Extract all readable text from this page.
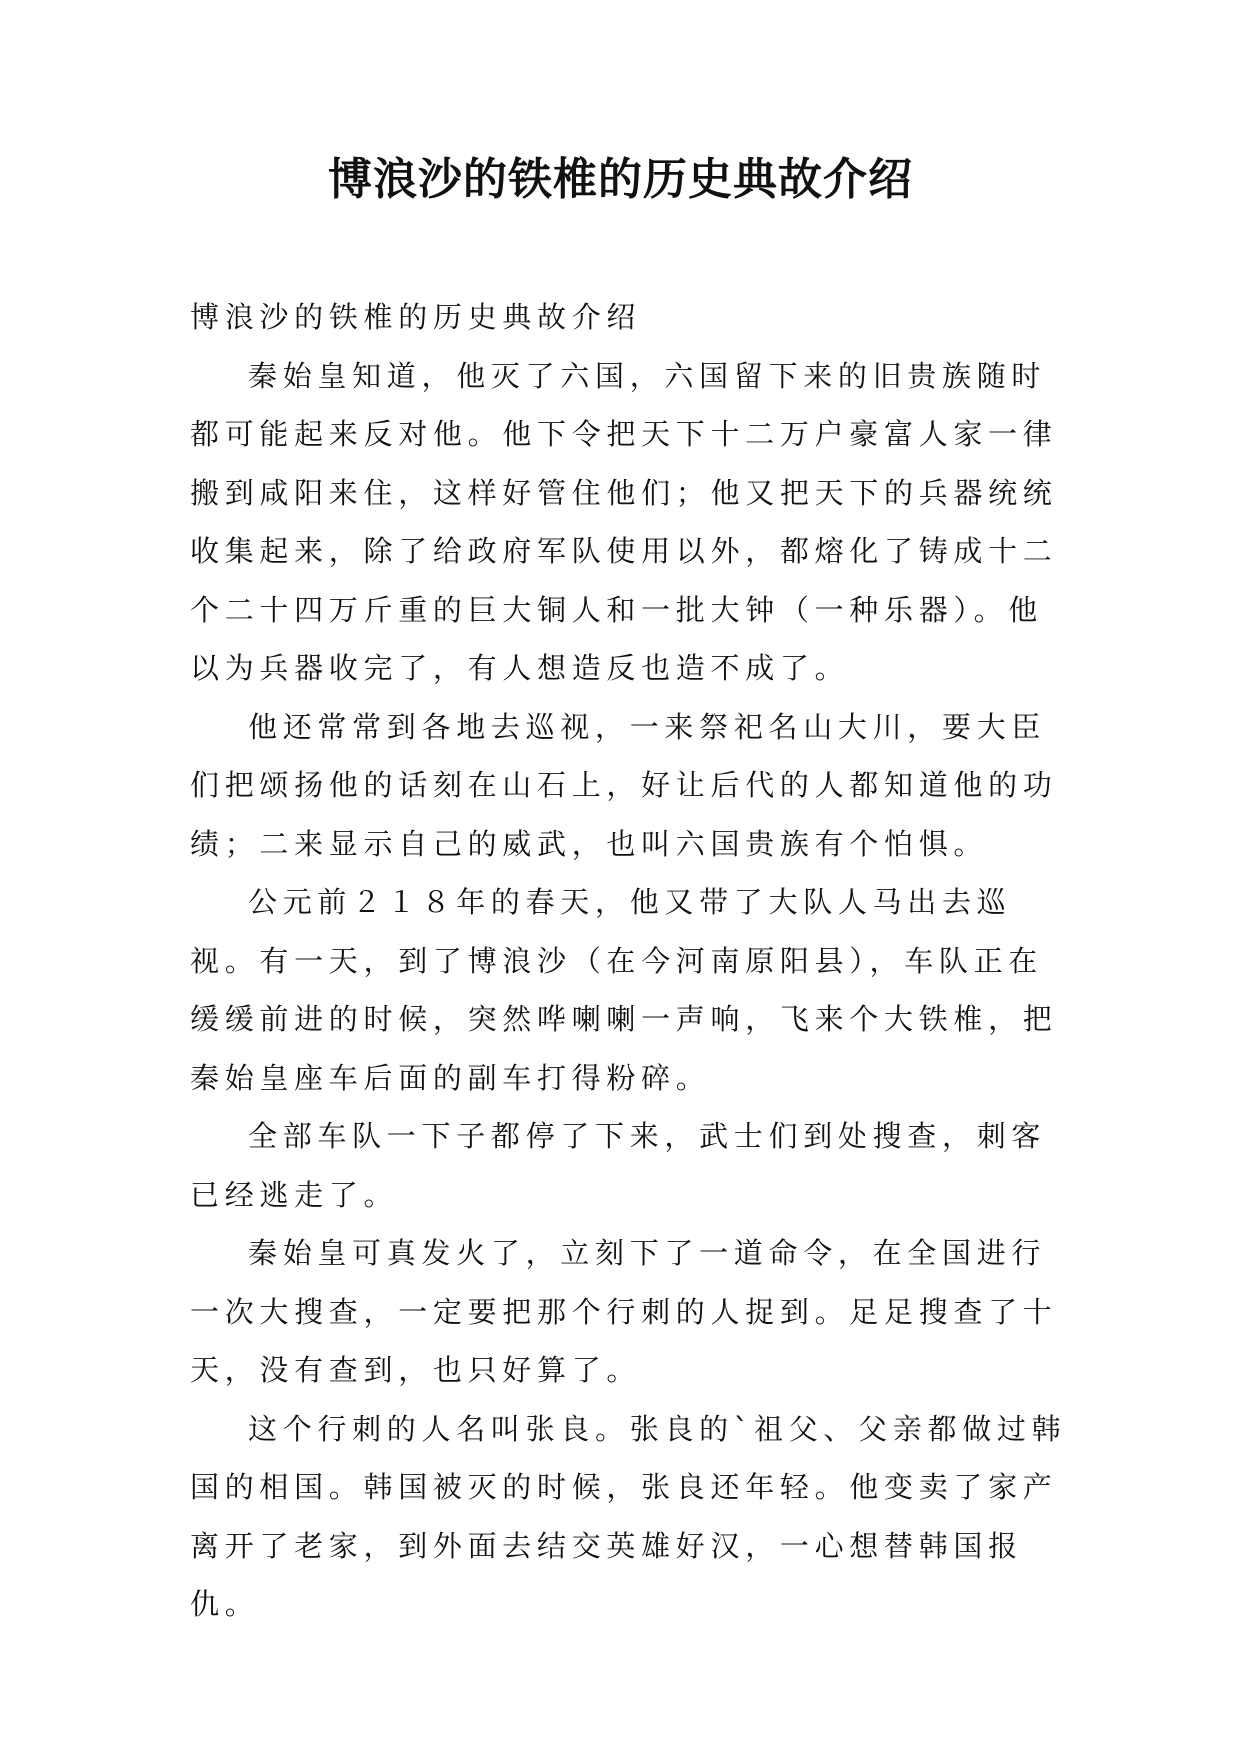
博浪沙的铁椎的历史典故介绍

博浪沙的铁椎的历史典故介绍

秦始皇知道，他灭了六国，六国留下来的旧贵族随时都可能起来反对他。他下令把天下十二万户豪富人家一律搬到咸阳来住，这样好管住他们；他又把天下的兵器统统收集起来，除了给政府军队使用以外，都熔化了铸成十二个二十四万斤重的巨大铜人和一批大钟（一种乐器）。他以为兵器收完了，有人想造反也造不成了。

他还常常到各地去巡视，一来祭祀名山大川，要大臣们把颂扬他的话刻在山石上，好让后代的人都知道他的功绩；二来显示自己的威武，也叫六国贵族有个怕惧。

公元前２１８年的春天，他又带了大队人马出去巡视。有一天，到了博浪沙（在今河南原阳县），车队正在缓缓前进的时候，突然哗喇喇一声响，飞来个大铁椎，把秦始皇座车后面的副车打得粉碎。

全部车队一下子都停了下来，武士们到处搜查，刺客已经逃走了。

秦始皇可真发火了，立刻下了一道命令，在全国进行一次大搜查，一定要把那个行刺的人捉到。足足搜查了十天，没有查到，也只好算了。

这个行刺的人名叫张良。张良的`祖父、父亲都做过韩国的相国。韩国被灭的时候，张良还年轻。他变卖了家产离开了老家，到外面去结交英雄好汉，一心想替韩国报仇。
